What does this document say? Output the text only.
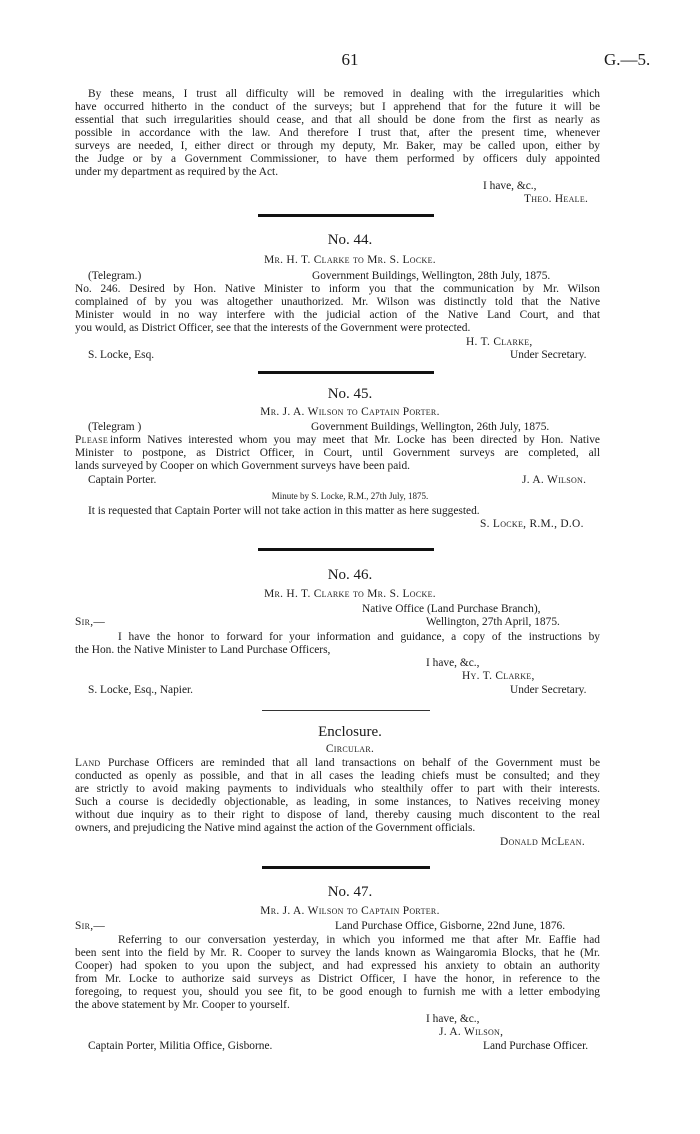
61	G.—5.
By these means, I trust all difficulty will be removed in dealing with the irregularities which
have occurred hitherto in the conduct of the surveys; but I apprehend that for the future it will be
essential that such irregularities should cease, and that all should be done from the first as nearly as
possible in accordance with the law. And therefore I trust that, after the present time, whenever
surveys are needed, I, either direct or through my deputy, Mr. Baker, may be called upon, either by
the Judge or by a Government Commissioner, to have them performed by officers duly appointed
under my department as required by the Act.
I have, &c.,
Theo. Heale.
No. 44.
Mr. H. T. Clarke to Mr. S. Locke.
(Telegram.)	Government Buildings, Wellington, 28th July, 1875.
No. 246. Desired by Hon. Native Minister to inform you that the communication by Mr. Wilson
complained of by you was altogether unauthorized. Mr. Wilson was distinctly told that the Native
Minister would in no way interfere with the judicial action of the Native Land Court, and that
you would, as District Officer, see that the interests of the Government were protected.
H. T. Clarke,
S. Locke, Esq.	Under Secretary.
No. 45.
Mr. J. A. Wilson to Captain Porter.
(Telegram )	Government Buildings, Wellington, 26th July, 1875.
Please inform Natives interested whom you may meet that Mr. Locke has been directed by Hon. Native
Minister to postpone, as District Officer, in Court, until Government surveys are completed, all
lands surveyed by Cooper on which Government surveys have been paid.
Captain Porter.	J. A. Wilson.
Minute by S. Locke, R.M., 27th July, 1875.
It is requested that Captain Porter will not take action in this matter as here suggested.
S. Locke, R.M., D.O.
No. 46.
Mr. H. T. Clarke to Mr. S. Locke.
Native Office (Land Purchase Branch),
Sir,—	Wellington, 27th April, 1875.
I have the honor to forward for your information and guidance, a copy of the instructions by
the Hon. the Native Minister to Land Purchase Officers,
I have, &c.,
Hy. T. Clarke,
S. Locke, Esq., Napier.	Under Secretary.
Enclosure.
Circular.
Land Purchase Officers are reminded that all land transactions on behalf of the Government must be
conducted as openly as possible, and that in all cases the leading chiefs must be consulted; and they
are strictly to avoid making payments to individuals who stealthily offer to part with their interests.
Such a course is decidedly objectionable, as leading, in some instances, to Natives receiving money
without due inquiry as to their right to dispose of land, thereby causing much discontent to the real
owners, and prejudicing the Native mind against the action of the Government officials.
Donald McLean.
No. 47.
Mr. J. A. Wilson to Captain Porter.
Sir,—	Land Purchase Office, Gisborne, 22nd June, 1876.
Referring to our conversation yesterday, in which you informed me that after Mr. Eaffie had
been sent into the field by Mr. R. Cooper to survey the lands known as Waingaromia Blocks, that he (Mr.
Cooper) had spoken to you upon the subject, and had expressed his anxiety to obtain an authority
from Mr. Locke to authorize said surveys as District Officer, I have the honor, in reference to the
foregoing, to request you, should you see fit, to be good enough to furnish me with a letter embodying
the above statement by Mr. Cooper to yourself.
I have, &c.,
J. A. Wilson,
Captain Porter, Militia Office, Gisborne.	Land Purchase Officer.
